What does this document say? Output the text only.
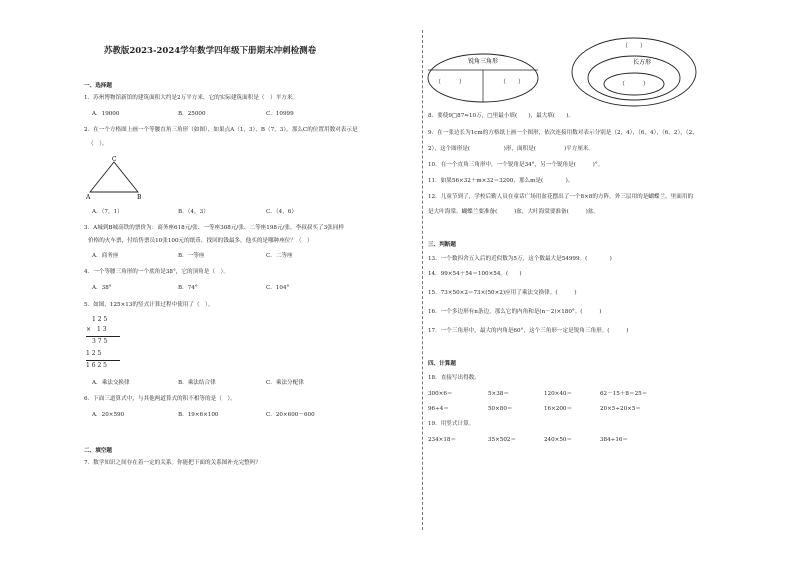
苏教版2023-2024学年数学四年级下册期末冲刺检测卷
一、选择题
1．苏州博物馆新馆的建筑面积大约是2万平方米，它的实际建筑面积是（　）平方米。
A．19000	B．25000	C．10999
2．在一个方格图上画一个等腰直角三角形（如图），如果点A（1，3），B（7，3），那么C的位置用数对表示是
（　）。
C
A	B
A．（7，1）	B．（4，3）	C．（4，6）
3．A城到B城高铁的票价为：商务座618元/张、一等座308元/张、二等座198元/张。李叔叔买了3张同样
价格的火车票，付给售票员10张100元的纸币，找回的钱最多，他买的是哪种座位？（　）
A．商务座	B．一等座	C．二等座
4．一个等腰三角形的一个底角是38°，它的顶角是（　）。
A．38°	B．74°	C．104°
5．如图，125×13的竖式计算过程中使用了（　）。
1 2 5
×　1 3
3 7 5
1 2 5
1 6 2 5
A．乘法交换律	B．乘法结合律	C．乘法分配律
6．下面三道算式中，与其他两道算式的积不相等的是（　）。
A．20×590	B．19×6×100	C．20×600－600
二、填空题
7．数学知识之间存在着一定的关系。你能把下面的关系图补充完整吗？
锐角三角形
（　　　）	（　　）
（　　）
长方形
（　　　）
8．要使9□87≈10万，□里最小填(　　)，最大填(　　)。
9．在一张边长为1cm的方格纸上画一个图形，依次连接用数对表示分别是（2，4），（6，4），（6，2），（2，
2），这个图形是(　　　　　　)形，面积是(　　　　　)平方厘米。
10．在一个直角三角形中，一个锐角是34°，另一个锐角是(　　　)°。
11．如果56×32＋m×32＝3200，那么m是(　　　　)。
12．儿童节到了，学校后勤人员在童话广场用盆花摆出了一个8×8的方阵，外三层用的是蝴蝶兰，里面用的
是大叶海棠。蝴蝶兰要准备(　　　)盆，大叶海棠要准备(　　　)盆。
三、判断题
13．一个数四舍五入后的近似数为5万，这个数最大是54999。(　　　　)
14．99×54＋54＝100×54。(　　)
15．73×50×2＝73×(50×2)应用了乘法交换律。(　　　)
16．一个多边形有n条边，那么它的内角和是(n－2)×180°。(　　　)
17．一个三角形中，最大的内角是60°，这个三角形一定是锐角三角形。(　　　)
四、计算题
18．直接写出得数。
300×6＝	5×38＝	120×40＝	62－15＋8＝25＝
96÷4＝	50×80＝	16×200＝	20×5÷20×5＝
19．用竖式计算。
234×18＝	35×502＝	240×50＝	384÷16＝
